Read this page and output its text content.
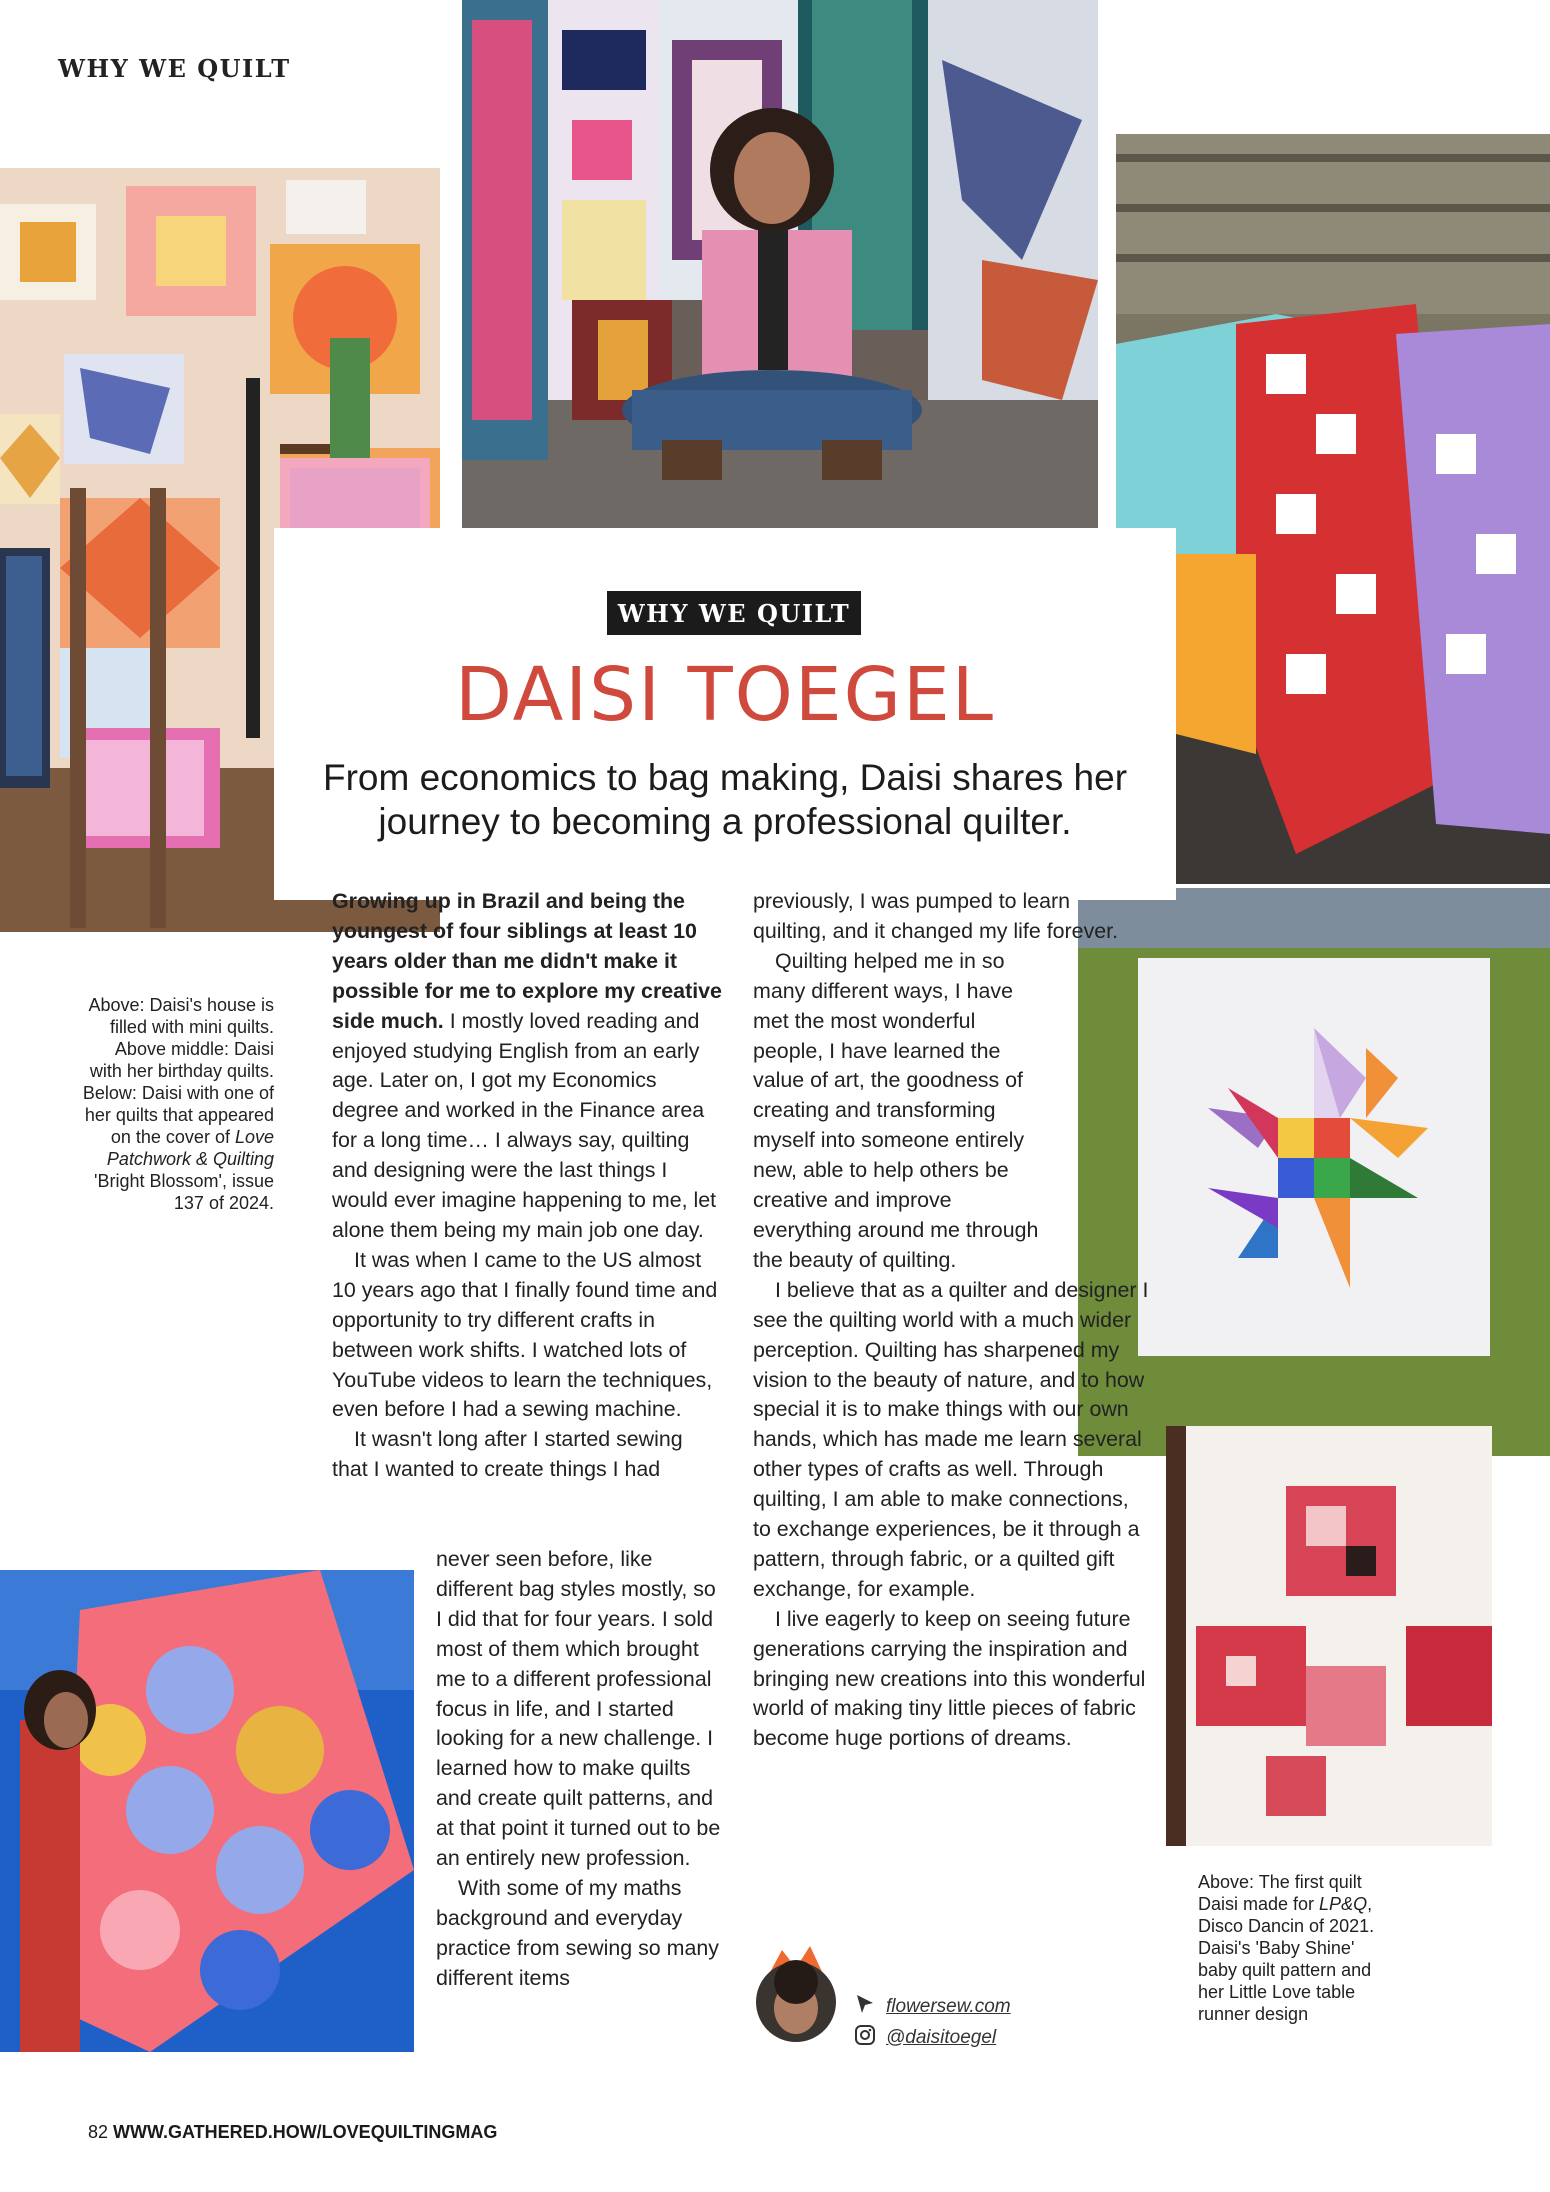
WHY WE QUILT
WHY WE QUILT
DAISI TOEGEL
From economics to bag making, Daisi shares her journey to becoming a professional quilter.
Above: Daisi's house is filled with mini quilts. Above middle: Daisi with her birthday quilts. Below: Daisi with one of her quilts that appeared on the cover of Love Patchwork & Quilting 'Bright Blossom', issue 137 of 2024.

Growing up in Brazil and being the youngest of four siblings at least 10 years older than me didn't make it possible for me to explore my creative side much. I mostly loved reading and enjoyed studying English from an early age. Later on, I got my Economics degree and worked in the Finance area for a long time… I always say, quilting and designing were the last things I would ever imagine happening to me, let alone them being my main job one day.

It was when I came to the US almost 10 years ago that I finally found time and opportunity to try different crafts in between work shifts. I watched lots of YouTube videos to learn the techniques, even before I had a sewing machine.

It wasn't long after I started sewing that I wanted to create things I had

never seen before, like different bag styles mostly, so I did that for four years. I sold most of them which brought me to a different professional focus in life, and I started looking for a new challenge. I learned how to make quilts and create quilt patterns, and at that point it turned out to be an entirely new profession.

With some of my maths background and everyday practice from sewing so many different items

previously, I was pumped to learn quilting, and it changed my life forever.

Quilting helped me in so many different ways, I have met the most wonderful people, I have learned the value of art, the goodness of creating and transforming myself into someone entirely new, able to help others be creative and improve everything around me through the beauty of quilting.

I believe that as a quilter and designer I see the quilting world with a much wider perception. Quilting has sharpened my vision to the beauty of nature, and to how special it is to make things with our own hands, which has made me learn several other types of crafts as well. Through quilting, I am able to make connections, to exchange experiences, be it through a pattern, through fabric, or a quilted gift exchange, for example.

I live eagerly to keep on seeing future generations carrying the inspiration and bringing new creations into this wonderful world of making tiny little pieces of fabric become huge portions of dreams.

Above: The first quilt Daisi made for LP&Q, Disco Dancin of 2021. Daisi's 'Baby Shine' baby quilt pattern and her Little Love table runner design
flowersew.com
@daisitoegel
82 WWW.GATHERED.HOW/LOVEQUILTINGMAG
